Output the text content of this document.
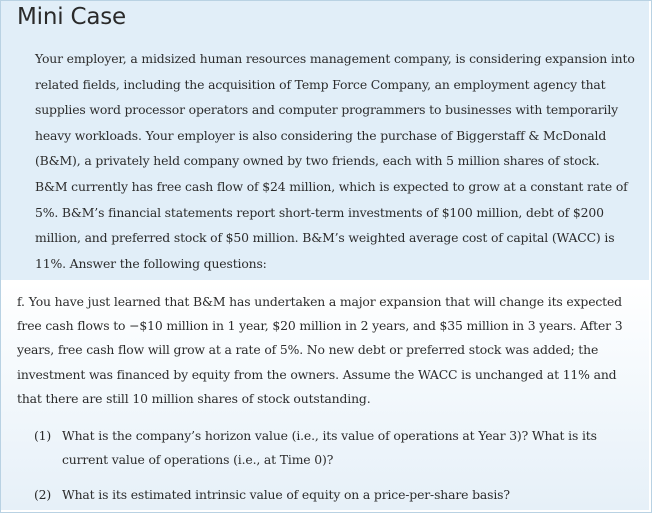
Mini Case
Your employer, a midsized human resources management company, is considering expansion into related fields, including the acquisition of Temp Force Company, an employment agency that supplies word processor operators and computer programmers to businesses with temporarily heavy workloads. Your employer is also considering the purchase of Biggerstaff & McDonald (B&M), a privately held company owned by two friends, each with 5 million shares of stock. B&M currently has free cash flow of $24 million, which is expected to grow at a constant rate of 5%. B&M’s financial statements report short-term investments of $100 million, debt of $200 million, and preferred stock of $50 million. B&M’s weighted average cost of capital (WACC) is 11%. Answer the following questions:
f. You have just learned that B&M has undertaken a major expansion that will change its expected free cash flows to −$10 million in 1 year, $20 million in 2 years, and $35 million in 3 years. After 3 years, free cash flow will grow at a rate of 5%. No new debt or preferred stock was added; the investment was financed by equity from the owners. Assume the WACC is unchanged at 11% and that there are still 10 million shares of stock outstanding.
(1) What is the company’s horizon value (i.e., its value of operations at Year 3)? What is its current value of operations (i.e., at Time 0)?
(2) What is its estimated intrinsic value of equity on a price-per-share basis?
